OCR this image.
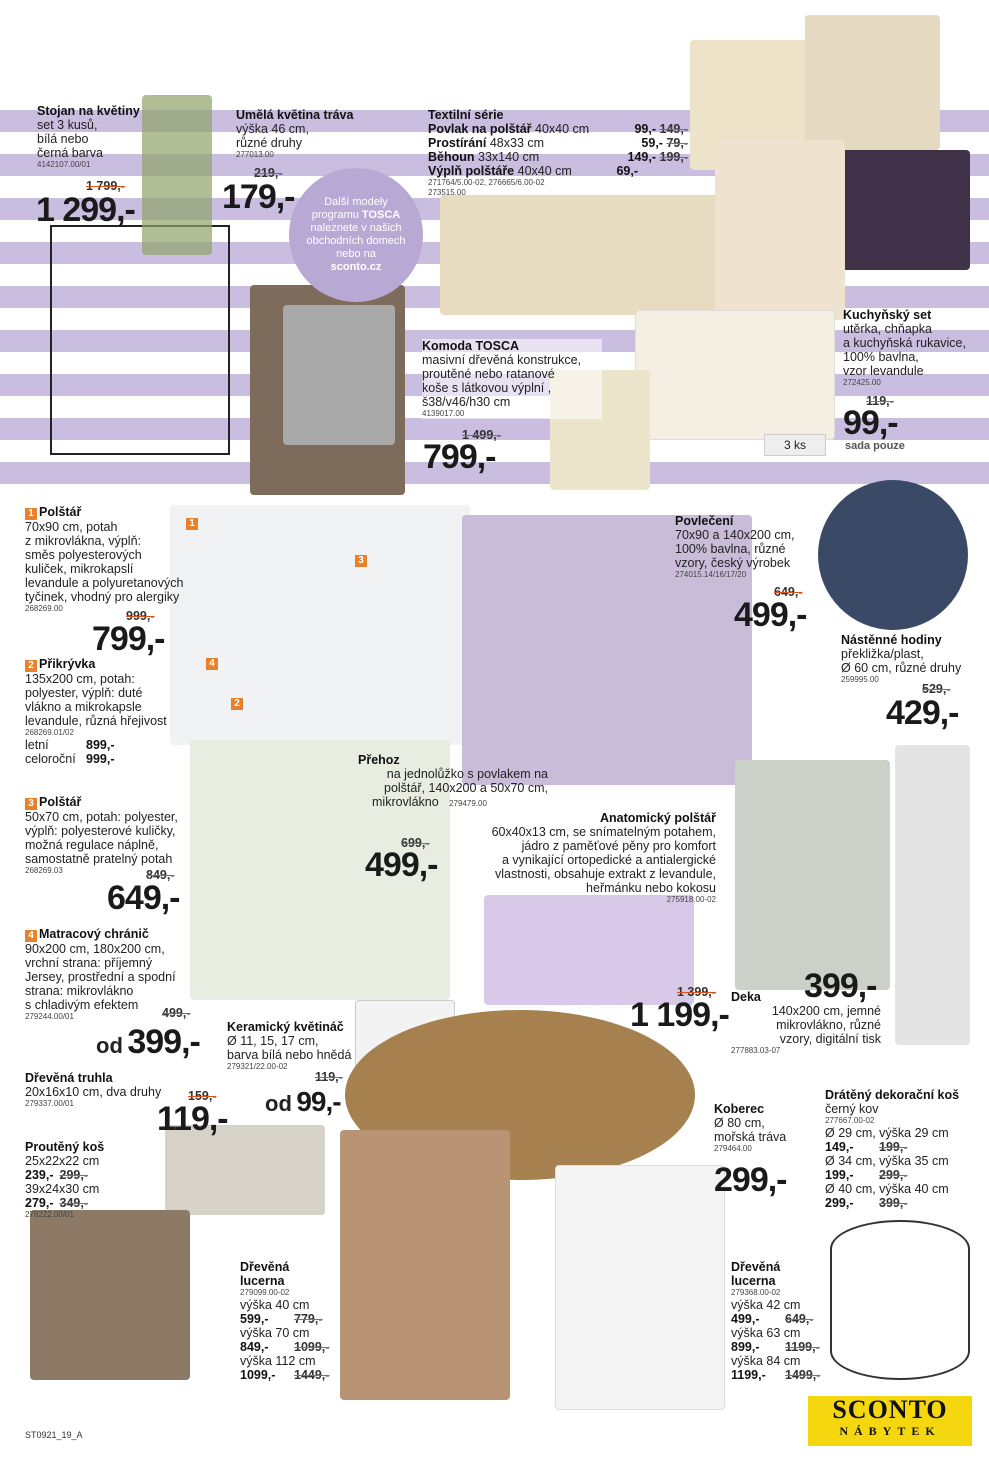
3 ks
1
3
4
2
Stojan na květiny
set 3 kusů,
bílá nebo
černá barva
4142107.00/01
1 799,-
1 299,-
Umělá květina tráva
výška 46 cm,
různé druhy
277013.00
219,-
179,-	Další modely
programu TOSCA
naleznete v našich
obchodních domech
nebo na
sconto.cz
Textilní série
Povlak na polštář 40x40 cm	99,- 149,-
Prostírání 48x33 cm	59,- 79,-
Běhoun 33x140 cm	149,- 199,-
Výplň polštáře 40x40 cm	69,-
271764/5.00-02, 276665/6.00-02
273515.00
Komoda TOSCA
masivní dřevěná konstrukce,
proutěné nebo ratanové
koše s látkovou výplní ,
š38/v46/h30 cm
4139017.00
1 499,-
799,-
Kuchyňský set
utěrka, chňapka
a kuchyňská rukavice,
100% bavlna,
vzor levandule
272425.00
119,-
99,-
sada pouze
1 Polštář
70x90 cm, potah
z mikrovlákna, výplň:
směs polyesterových
kuliček, mikrokapslí
levandule a polyuretanových
tyčinek, vhodný pro alergiky
268269.00
999,-
799,-
2 Přikrývka
135x200 cm, potah:
polyester, výplň: duté
vlákno a mikrokapsle
levandule, různá hřejivost
268269.01/02
letní	899,-
celoroční 999,-
3 Polštář
50x70 cm, potah: polyester,
výplň: polyesterové kuličky,
možná regulace náplně,
samostatně pratelný potah
268269.03	849,-
649,-
4 Matracový chránič
90x200 cm, 180x200 cm,
vrchní strana: příjemný
Jersey, prostřední a spodní
strana: mikrovlákno
s chladivým efektem
279244.00/01	499,-
od 399,-
Povlečení
70x90 a 140x200 cm,
100% bavlna, různé
vzory, český výrobek
274015.14/16/17/20
649,-
499,-
Nástěnné hodiny
překližka/plast,
Ø 60 cm, různé druhy
259995.00
529,-
429,-
Přehoz
na jednolůžko s povlakem na
polštář, 140x200 a 50x70 cm,
mikrovlákno 279479.00
699,-
499,-
Anatomický polštář
60x40x13 cm, se snímatelným potahem,
jádro z paměťové pěny pro komfort
a vynikající ortopedické a antialergické
vlastnosti, obsahuje extrakt z levandule,
heřmánku nebo kokosu
275918.00-02
1 399,-
1 199,-
399,-
Deka
140x200 cm, jemné
mikrovlákno, různé
vzory, digitální tisk
277883.03-07
Keramický květináč
Ø 11, 15, 17 cm,
barva bílá nebo hnědá
279321/22.00-02
119,-
od 99,-
Dřevěná truhla
20x16x10 cm, dva druhy
279337.00/01
159,-
119,-
Proutěný koš
25x22x22 cm
239,- 299,-
39x24x30 cm
279,- 349,-
278222.00/01
Koberec
Ø 80 cm,
mořská tráva
279464.00
299,-
Drátěný dekorační koš
černý kov
277667.00-02
Ø 29 cm, výška 29 cm
149,-	199,-
Ø 34 cm, výška 35 cm
199,-	299,-
Ø 40 cm, výška 40 cm
299,-	399,-
Dřevěná
lucerna
279099.00-02
výška 40 cm
599,-	779,-
výška 70 cm
849,-	1099,-
výška 112 cm
1099,-	1449,-
Dřevěná
lucerna
279368.00-02
výška 42 cm
499,-	649,-
výška 63 cm
899,-	1199,-
výška 84 cm
1199,-	1499,-
SCONTO
NÁBYTEK
ST0921_19_A
